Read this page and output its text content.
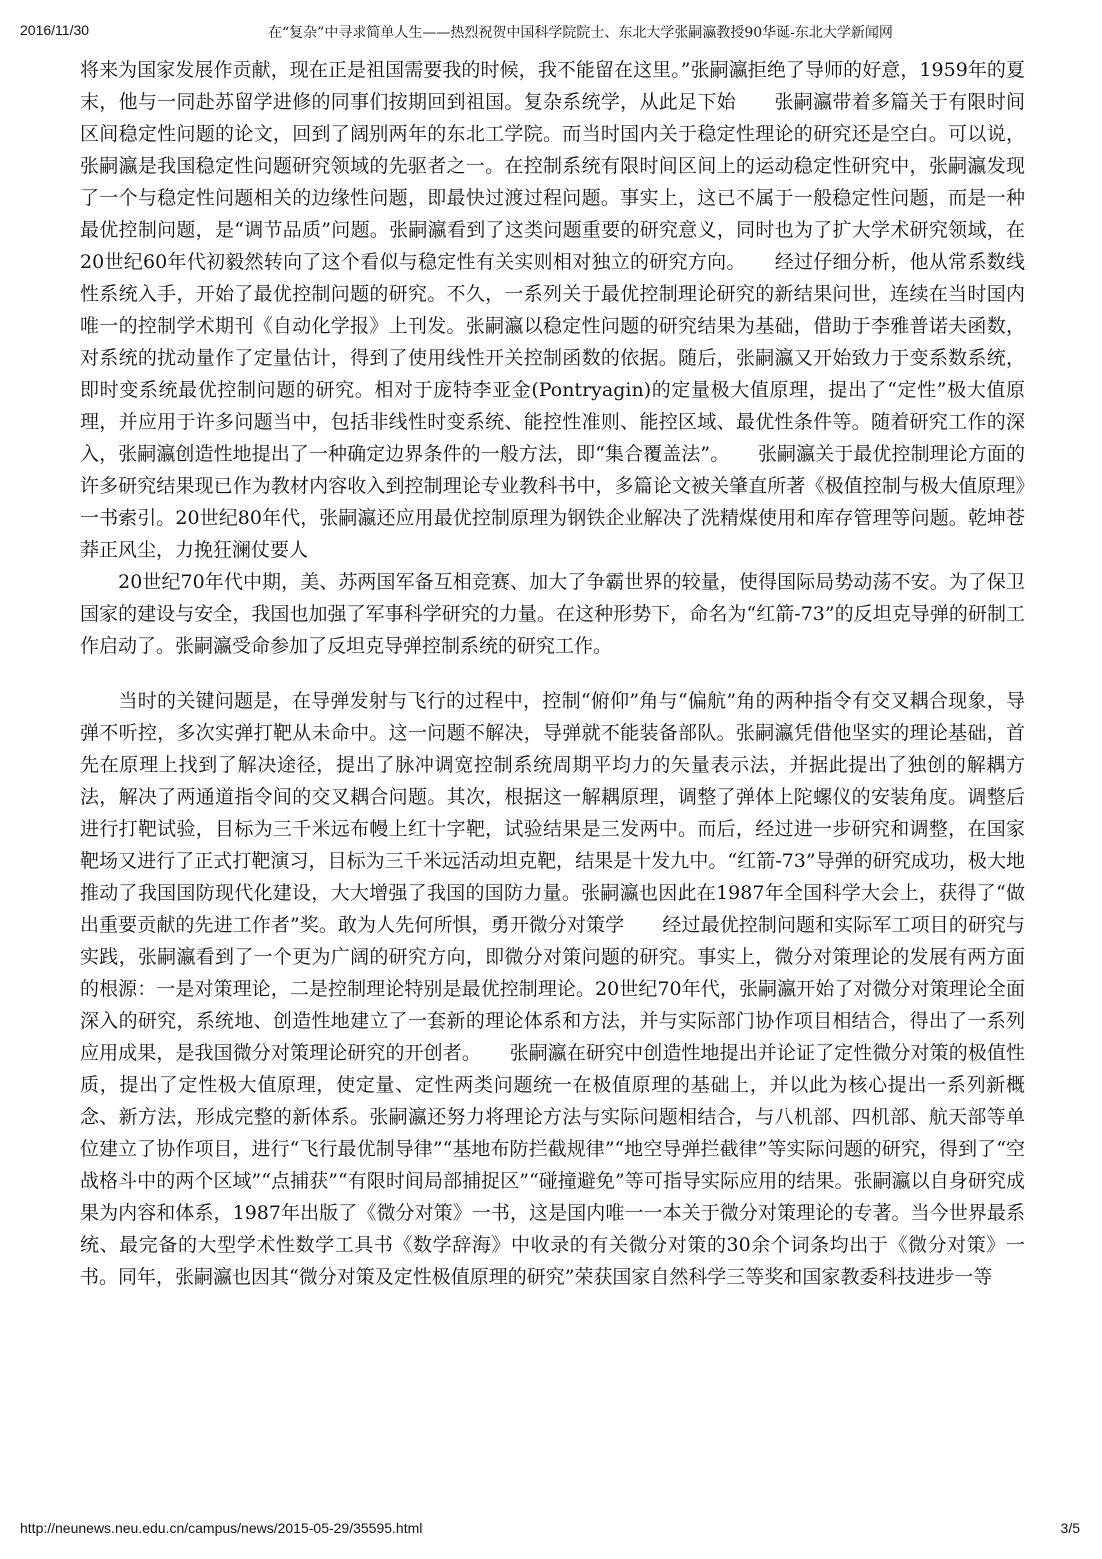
2016/11/30	在“复杂”中寻求简单人生——热烈祝贺中国科学院院士、东北大学张嗣瀛教授90华诞-东北大学新闻网

将来为国家发展作贡献，现在正是祖国需要我的时候，我不能留在这里。”张嗣瀛拒绝了导师的好意，1959年的夏末，他与一同赴苏留学进修的同事们按期回到祖国。复杂系统学，从此足下始　　张嗣瀛带着多篇关于有限时间区间稳定性问题的论文，回到了阔别两年的东北工学院。而当时国内关于稳定性理论的研究还是空白。可以说，张嗣瀛是我国稳定性问题研究领域的先驱者之一。在控制系统有限时间区间上的运动稳定性研究中，张嗣瀛发现了一个与稳定性问题相关的边缘性问题，即最快过渡过程问题。事实上，这已不属于一般稳定性问题，而是一种最优控制问题，是“调节品质”问题。张嗣瀛看到了这类问题重要的研究意义，同时也为了扩大学术研究领域，在20世纪60年代初毅然转向了这个看似与稳定性有关实则相对独立的研究方向。　　经过仔细分析，他从常系数线性系统入手，开始了最优控制问题的研究。不久，一系列关于最优控制理论研究的新结果问世，连续在当时国内唯一的控制学术期刊《自动化学报》上刊发。张嗣瀛以稳定性问题的研究结果为基础，借助于李雅普诺夫函数，对系统的扰动量作了定量估计，得到了使用线性开关控制函数的依据。随后，张嗣瀛又开始致力于变系数系统，即时变系统最优控制问题的研究。相对于庞特李亚金(Pontryagin)的定量极大值原理，提出了“定性”极大值原理，并应用于许多问题当中，包括非线性时变系统、能控性准则、能控区域、最优性条件等。随着研究工作的深入，张嗣瀛创造性地提出了一种确定边界条件的一般方法，即“集合覆盖法”。　　张嗣瀛关于最优控制理论方面的许多研究结果现已作为教材内容收入到控制理论专业教科书中，多篇论文被关肇直所著《极值控制与极大值原理》一书索引。20世纪80年代，张嗣瀛还应用最优控制原理为钢铁企业解决了洗精煤使用和库存管理等问题。乾坤苍莽正风尘，力挽狂澜仗要人

　　20世纪70年代中期，美、苏两国军备互相竞赛、加大了争霸世界的较量，使得国际局势动荡不安。为了保卫国家的建设与安全，我国也加强了军事科学研究的力量。在这种形势下，命名为“红箭-73”的反坦克导弹的研制工作启动了。张嗣瀛受命参加了反坦克导弹控制系统的研究工作。

　　当时的关键问题是，在导弹发射与飞行的过程中，控制“俯仰”角与“偏航”角的两种指令有交叉耦合现象，导弹不听控，多次实弹打靶从未命中。这一问题不解决，导弹就不能装备部队。张嗣瀛凭借他坚实的理论基础，首先在原理上找到了解决途径，提出了脉冲调宽控制系统周期平均力的矢量表示法，并据此提出了独创的解耦方法，解决了两通道指令间的交叉耦合问题。其次，根据这一解耦原理，调整了弹体上陀螺仪的安装角度。调整后进行打靶试验，目标为三千米远布幔上红十字靶，试验结果是三发两中。而后，经过进一步研究和调整，在国家靶场又进行了正式打靶演习，目标为三千米远活动坦克靶，结果是十发九中。“红箭-73”导弹的研究成功，极大地推动了我国国防现代化建设，大大增强了我国的国防力量。张嗣瀛也因此在1987年全国科学大会上，获得了“做出重要贡献的先进工作者”奖。敢为人先何所惧，勇开微分对策学　　经过最优控制问题和实际军工项目的研究与实践，张嗣瀛看到了一个更为广阔的研究方向，即微分对策问题的研究。事实上，微分对策理论的发展有两方面的根源：一是对策理论，二是控制理论特别是最优控制理论。20世纪70年代，张嗣瀛开始了对微分对策理论全面深入的研究，系统地、创造性地建立了一套新的理论体系和方法，并与实际部门协作项目相结合，得出了一系列应用成果，是我国微分对策理论研究的开创者。　　张嗣瀛在研究中创造性地提出并论证了定性微分对策的极值性质，提出了定性极大值原理，使定量、定性两类问题统一在极值原理的基础上，并以此为核心提出一系列新概念、新方法，形成完整的新体系。张嗣瀛还努力将理论方法与实际问题相结合，与八机部、四机部、航天部等单位建立了协作项目，进行“飞行最优制导律”“基地布防拦截规律”“地空导弹拦截律”等实际问题的研究，得到了“空战格斗中的两个区域”“点捕获”“有限时间局部捕捉区”“碰撞避免”等可指导实际应用的结果。张嗣瀛以自身研究成果为内容和体系，1987年出版了《微分对策》一书，这是国内唯一一本关于微分对策理论的专著。当今世界最系统、最完备的大型学术性数学工具书《数学辞海》中收录的有关微分对策的30余个词条均出于《微分对策》一书。同年，张嗣瀛也因其“微分对策及定性极值原理的研究”荣获国家自然科学三等奖和国家教委科技进步一等

http://neunews.neu.edu.cn/campus/news/2015-05-29/35595.html	3/5
